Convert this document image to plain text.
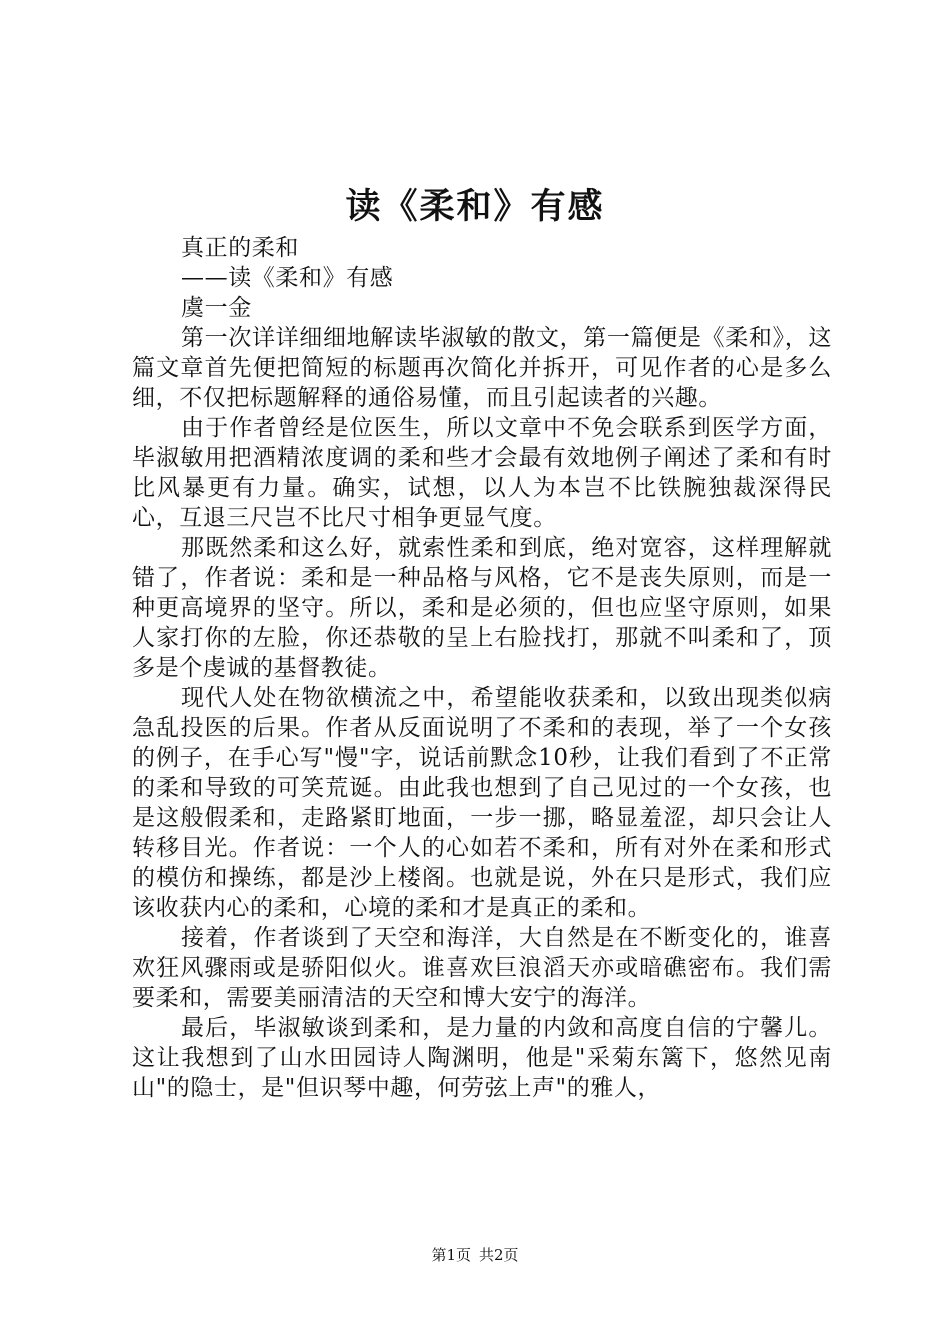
读《柔和》有感

真正的柔和

——读《柔和》有感

虞一金

第一次详详细细地解读毕淑敏的散文，第一篇便是《柔和》，这篇文章首先便把简短的标题再次简化并拆开，可见作者的心是多么细，不仅把标题解释的通俗易懂，而且引起读者的兴趣。

由于作者曾经是位医生，所以文章中不免会联系到医学方面，毕淑敏用把酒精浓度调的柔和些才会最有效地例子阐述了柔和有时比风暴更有力量。确实，试想，以人为本岂不比铁腕独裁深得民心，互退三尺岂不比尺寸相争更显气度。

那既然柔和这么好，就索性柔和到底，绝对宽容，这样理解就错了，作者说：柔和是一种品格与风格，它不是丧失原则，而是一种更高境界的坚守。所以，柔和是必须的，但也应坚守原则，如果人家打你的左脸，你还恭敬的呈上右脸找打，那就不叫柔和了，顶多是个虔诚的基督教徒。

现代人处在物欲横流之中，希望能收获柔和，以致出现类似病急乱投医的后果。作者从反面说明了不柔和的表现，举了一个女孩的例子，在手心写"慢"字，说话前默念10秒，让我们看到了不正常的柔和导致的可笑荒诞。由此我也想到了自己见过的一个女孩，也是这般假柔和，走路紧盯地面，一步一挪，略显羞涩，却只会让人转移目光。作者说：一个人的心如若不柔和，所有对外在柔和形式的模仿和操练，都是沙上楼阁。也就是说，外在只是形式，我们应该收获内心的柔和，心境的柔和才是真正的柔和。

接着，作者谈到了天空和海洋，大自然是在不断变化的，谁喜欢狂风骤雨或是骄阳似火。谁喜欢巨浪滔天亦或暗礁密布。我们需要柔和，需要美丽清洁的天空和博大安宁的海洋。

最后，毕淑敏谈到柔和，是力量的内敛和高度自信的宁馨儿。这让我想到了山水田园诗人陶渊明，他是"采菊东篱下，悠然见南山"的隐士，是"但识琴中趣，何劳弦上声"的雅人，

第1页 共2页
